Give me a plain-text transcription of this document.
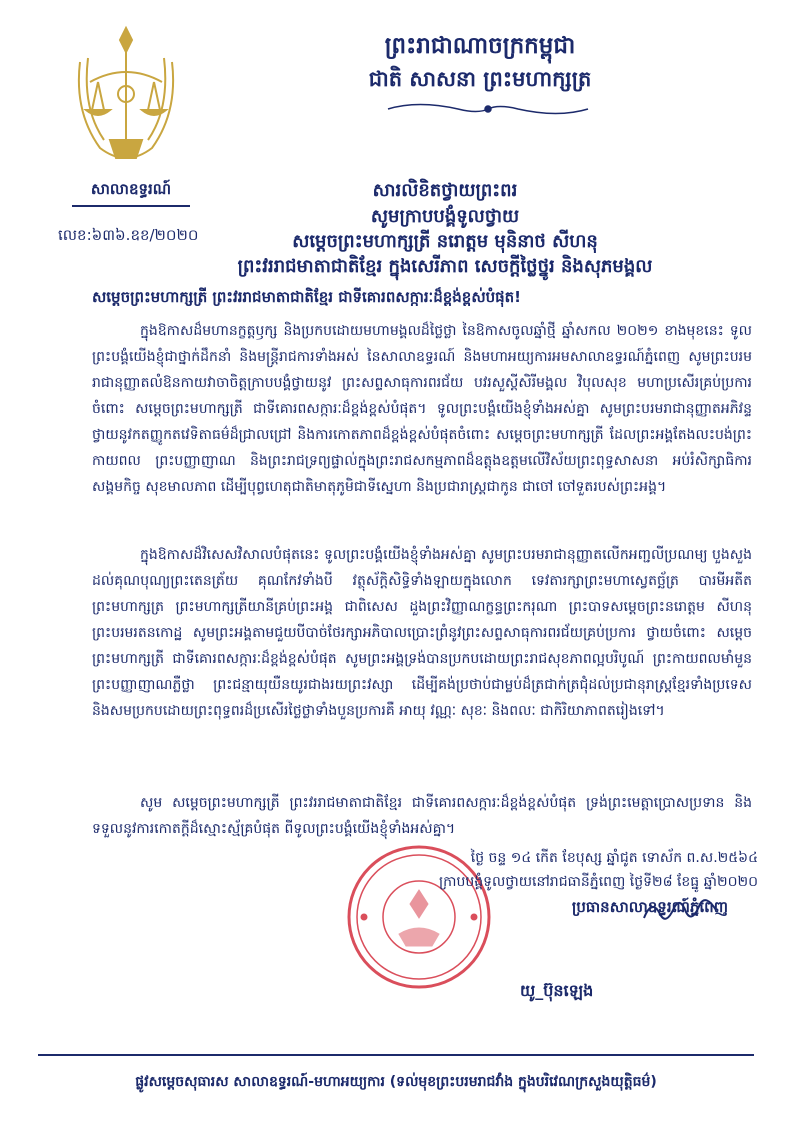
សាលាឧទ្ធរណ៍
លេខ:៦៣៦.ឧខ/២០២០
ព្រះរាជាណាចក្រកម្ពុជា
ជាតិ សាសនា ព្រះមហាក្សត្រ
សារលិខិតថ្វាយព្រះពរ
សូមក្រាបបង្គំទូលថ្វាយ
សម្តេចព្រះមហាក្សត្រី នរោត្តម មុនិនាថ សីហនុ
ព្រះវររាជមាតាជាតិខ្មែរ ក្នុងសេរីភាព សេចក្ដីថ្លៃថ្នូរ និងសុភមង្គល
សម្តេចព្រះមហាក្សត្រី ព្រះវររាជមាតាជាតិខ្មែរ ជាទីគោរពសក្ការៈដ៏ខ្ពង់ខ្ពស់បំផុត!
ក្នុងឱកាសដ៏មហានក្ខត្តឫក្ស និងប្រកបដោយមហាមង្គលដ៏ថ្លៃថ្លា នៃឱកាសចូលឆ្នាំថ្មី ឆ្នាំសកល ២០២១ ខាងមុខនេះ ទូលព្រះបង្គំយើងខ្ញុំជាថ្នាក់ដឹកនាំ និងមន្ត្រីរាជការទាំងអស់ នៃសាលាឧទ្ធរណ៍ និងមហាអយ្យការអមសាលាឧទ្ធរណ៍ភ្នំពេញ សូមព្រះបរមរាជានុញ្ញាតលំឱនកាយវាចាចិត្តក្រាបបង្គំថ្វាយនូវ ព្រះសព្ទសាធុការពរជ័យ បវរសួស្តីសិរីមង្គល វិបុលសុខ មហាប្រសើរគ្រប់ប្រការចំពោះ សម្តេចព្រះមហាក្សត្រី ជាទីគោរពសក្ការៈដ៏ខ្ពង់ខ្ពស់បំផុត។ ទូលព្រះបង្គំយើងខ្ញុំទាំងអស់គ្នា សូមព្រះបរមរាជានុញ្ញាតអភិវន្ទថ្វាយនូវកតញ្ញូកតវេទិតាធម៌ដ៏ជ្រាលជ្រៅ និងការកោតភាពដ៏ខ្ពង់ខ្ពស់បំផុតចំពោះ សម្តេចព្រះមហាក្សត្រី ដែលព្រះអង្គតែងលះបង់ព្រះកាយពល ព្រះបញ្ញាញាណ និងព្រះរាជទ្រព្យផ្ទាល់ក្នុងព្រះរាជសកម្មភាពដ៏ឧត្តុងឧត្តមលើវិស័យព្រះពុទ្ធសាសនា អប់រំសិក្សាធិការ សង្គមកិច្ច សុខមាលភាព ដើម្បីបុព្វហេតុជាតិមាតុភូមិជាទីស្នេហា និងប្រជារាស្ត្រជាកូន ជាចៅ ចៅទួតរបស់ព្រះអង្គ។
ក្នុងឱកាសដ៏វិសេសវិសាលបំផុតនេះ ទូលព្រះបង្គំយើងខ្ញុំទាំងអស់គ្នា សូមព្រះបរមរាជានុញ្ញាតលើកអញ្ជលីប្រណម្យ បួងសួង ដល់គុណបុណ្យព្រះតេនត្រ័យ គុណកែវទាំងបី វត្ថុស័ក្តិសិទ្ធិទាំងឡាយក្នុងលោក ទេវតារក្សាព្រះមហាស្វេតច្ឆ័ត្រ បារមីអតីតព្រះមហាក្សត្រ ព្រះមហាក្សត្រីយានីគ្រប់ព្រះអង្គ ជាពិសេស ដួងព្រះវិញ្ញាណក្ខន្ធព្រះករុណា ព្រះបាទសម្តេចព្រះនរោត្តម សីហនុ ព្រះបរមរតនកោដ្ឋ សូមព្រះអង្គតាមជួយបីបាច់ថែរក្សាអភិបាលប្រោះព្រំនូវព្រះសព្ទសាធុការពរជ័យគ្រប់ប្រការ ថ្វាយចំពោះ សម្តេចព្រះមហាក្សត្រី ជាទីគោរពសក្ការៈដ៏ខ្ពង់ខ្ពស់បំផុត សូមព្រះអង្គទ្រង់បានប្រកបដោយព្រះរាជសុខភាពល្អបរិបូណ៍ ព្រះកាយពលមាំមួន ព្រះបញ្ញាញាណភ្លឺថ្លា ព្រះជន្មាយុយឺនយូរជាងរយព្រះវស្សា ដើម្បីគង់ប្រថាប់ជាម្លប់ដ៏ត្រជាក់ត្រជុំដល់ប្រជានុរាស្ត្រខ្មែរទាំងប្រទេស និងសមប្រកបដោយព្រះពុទ្ធពរដ៏ប្រសើរថ្លៃថ្លាទាំងបួនប្រការគឺ អាយុ វណ្ណៈ សុខៈ និងពលៈ ជាកិរិយាភាពតរៀងទៅ។
សូម សម្តេចព្រះមហាក្សត្រី ព្រះវររាជមាតាជាតិខ្មែរ ជាទីគោរពសក្ការៈដ៏ខ្ពង់ខ្ពស់បំផុត ទ្រង់ព្រះមេត្តាប្រោសប្រទាន និងទទួលនូវការកោតក្ដីដ៏ស្មោះស្ម័គ្របំផុត ពីទូលព្រះបង្គំយើងខ្ញុំទាំងអស់គ្នា។
ថ្ងៃ ចន្ទ ១៤ កើត ខែបុស្ស ឆ្នាំជូត ទោស័ក ព.ស.២៥៦៤
ក្រាបបង្គំទូលថ្វាយនៅរាជធានីភ្នំពេញ ថ្ងៃទី២៨ ខែធ្នូ ឆ្នាំ២០២០
ប្រធានសាលាឧទ្ធរណ៍ភ្នំពេញ
យូ_ប៊ុនឡេង
ផ្លូវសម្តេចសុធារស សាលាឧទ្ធរណ៍-មហាអយ្យការ (ទល់មុខព្រះបរមរាជវាំង ក្នុងបរិវេណក្រសួងយុត្តិធម៌)
